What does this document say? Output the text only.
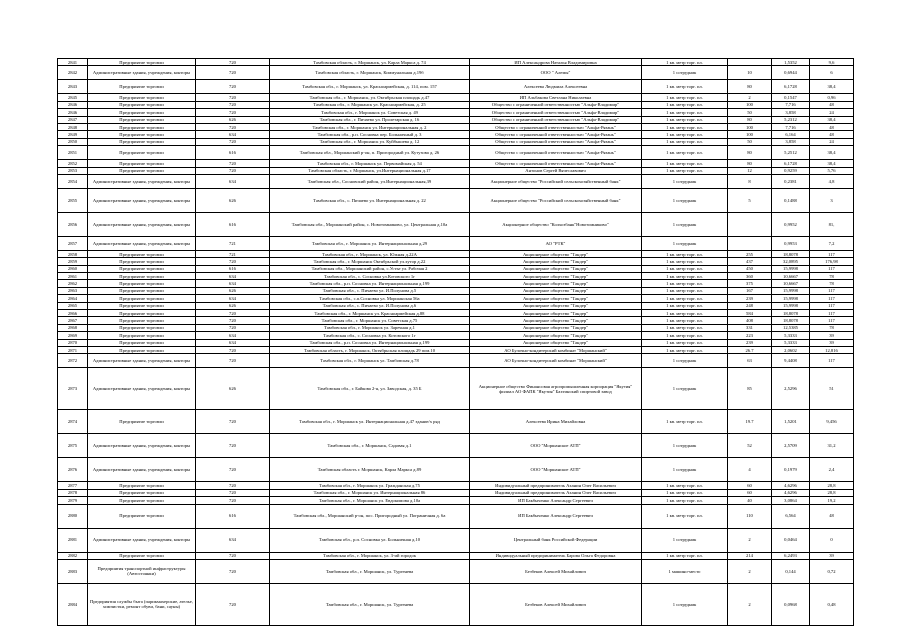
2841	Предприятие торговли	720	Тамбовская область, г. Моршанск, ул. Карла Маркса д. 74	ИП Александрова Наталья Владимировна	1 кв. метр торг. пл.		1,5352	9,6
2842	Административные здания, учреждения, конторы	720	Тамбовская область, г. Моршанск, Коммунальная д.19б	ООО " Алемы"	1 сотрудник	10	0,6944	6
2843	Предприятие торговли	720	Тамбовская обл., г. Моршанск, ул. Красноармейская, д. 114, пом. 157	Алексеева Людмила Алексеевна	1 кв. метр торг. пл.	80	6,1728	38,4
2845	Предприятие торговли	720	Тамбовская обл., г. Моршанск, ул. Октябрьская площадь д.47	ИП Альбакова Светлана Николаевна	1 кв. метр торг. пл.	2	0,1547	0,96
2846	Предприятие торговли	720	Тамбовская обл., г. Моршанск ул. Красноармейская, д. 25	Общество с ограниченной ответственностью "Альфа-Владимир"	1 кв. метр торг. пл.	100	7,716	48
2846	Предприятие торговли	720	Тамбовская обл., г. Моршанск ул. Советская д. 49	Общество с ограниченной ответственностью "Альфа-Владимир"	1 кв. метр торг. пл.	50	3,858	24
2847	Предприятие торговли	626	Тамбовская обл., г. Пичаево ул. Пролетарская д. 16	Общество с ограниченной ответственностью "Альфа-Владимир"	1 кв. метр торг. пл.	80	5,2312	38,4
2848	Предприятие торговли	720	Тамбовская обл., г. Моршанск ул. Интернациональная д. 2	Общество с ограниченной ответственностью "Альфа-Рязань"	1 кв. метр торг. пл.	100	7,716	48
2849	Предприятие торговли	634	Тамбовская обл., р.п. Сосновка пер. Больничный д. 3	Общество с ограниченной ответственностью "Альфа-Рязань"	1 кв. метр торг. пл.	100	6,164	48
2850	Предприятие торговли	720	Тамбовская обл., г. Моршанск ул. Куйбышева д. 12	Общество с ограниченной ответственностью "Альфа-Рязань"	1 кв. метр торг. пл.	50	3,858	24
2851	Предприятие торговли	616	Тамбовская обл., Моршанский р-он, п. Пригородный ул. Кутузова д. 26	Общество с ограниченной ответственностью "Альфа-Рязань"	1 кв. метр торг. пл.	80	5,2512	38,4
2852	Предприятие торговли	720	Тамбовская обл., г. Моршанск ул. Первомайская д. 54	Общество с ограниченной ответственностью "Альфа-Рязань"	1 кв. метр торг. пл.	80	6,1728	38,4
2853	Предприятие торговли	720	Тамбовская область, г. Моршанск, ул.Интернациональная д.17	Антонов Сергей Вячеславович	1 кв. метр торг. пл.	12	0,9259	5,76
2854	Административные здания, учреждения, конторы	634	Тамбовская обл., Сосновский район, ул.Интернациональная,39	Акционерное общество "Российский сельскохозяйственный банк"	1 сотрудник	8	0,2381	4,8
2855	Административные здания, учреждения, конторы	626	Тамбовская обл., с. Пичаево ул. Интернациональная д. 22	Акционерное общество "Российский сельскохозяйственный банк"	1 сотрудник	5	0,1488	3
2856	Административные здания, учреждения, конторы	616	Тамбовская обл., Моршанский район, с. Новотомниково, ул. Центральная д.10а	Акционерное общество "Колхозбанк"Новотомниково"	1 сотрудник		0,9952	81,
2857	Административные здания, учреждения, конторы	721	Тамбовская обл., г. Моршанск ул. Интернациональная д.29	АО "РТК"	1 сотрудник		0,9953	7,2
2858	Предприятие торговли	721	Тамбовская обл., г. Моршанск, ул. Южная д.22А	Акционерное общество "Тандер"	1 кв. метр торг. пл.	255	18,8078	117
2859	Предприятие торговли	720	Тамбовская обл., г. Моршанск Октябрьской ул.хутор д.22	Акционерное общество "Тандер"	1 кв. метр торг. пл.	437	32,0895	176,98
2860	Предприятие торговли	616	Тамбовская обл., Моршанский район, с.Устье ул. Рабочая 2	Акционерное общество "Тандер"	1 кв. метр торг. пл.	450	15,9998	117
2861	Предприятие торговли	634	Тамбовская обл., с. Сосновка ул.Котовского 1г	Акционерное общество "Тандер"	1 кв. метр торг. пл.	360	10,6667	78
2862	Предприятие торговли	634	Тамбовская обл., р.п. Сосновка ул. Интернациональная д.199	Акционерное общество "Тандер"	1 кв. метр торг. пл.	375	10,6667	78
2863	Предприятие торговли	626	Тамбовская обл., с. Пичаево ул. И.Полунова д.5	Акционерное общество "Тандер"	1 кв. метр торг. пл.	167	15,9998	117
2864	Предприятие торговли	634	Тамбовская обл., с.п.Сосновка ул. Моршанская 56а	Акционерное общество "Тандер"	1 кв. метр торг. пл.	239	15,9998	117
2865	Предприятие торговли	626	Тамбовская обл., с. Пичаево ул. И.Полунова д.6	Акционерное общество "Тандер"	1 кв. метр торг. пл.	248	15,9998	117
2866	Предприятие торговли	720	Тамбовская обл., г. Моршанск ул. Красноармейская д.88	Акционерное общество "Тандер"	1 кв. метр торг. пл.	584	18,8078	117
2867	Предприятие торговли	720	Тамбовская обл., г. Моршанск ул. Советская д.75	Акционерное общество "Тандер"	1 кв. метр торг. пл.	408	18,8078	117
2868	Предприятие торговли	720	Тамбовская обл., г. Моршанск ул. Заречная д.1	Акционерное общество "Тандер"	1 кв. метр торг. пл.	331	12,5385	78
2869	Предприятие торговли	634	Тамбовская обл., с. Сосновка ул. Котовского 1г	Акционерное общество "Тандер"	1 кв. метр торг. пл.	223	5,3333	39
2870	Предприятие торговли	634	Тамбовская обл., р.п. Сосновка ул. Интернациональная д.199	Акционерное общество "Тандер"	1 кв. метр торг. пл.	239	5,3333	39
2871	Предприятие торговли	720	Тамбовская область, г. Моршанск, Октябрьская площадь 29 пом.10	АО Булочно-кондитерский комбинат "Моршанский"	1 кв. метр торг. пл.	26.7	2,0602	12,816
2872	Административные здания, учреждения, конторы	720	Тамбовская обл., г. Моршанск ул. Тамбовская д.78	АО Булочно-кондитерский комбинат "Моршанский"	1 сотрудник	63	9,4408	117
2873	Административные здания, учреждения, конторы	626	Тамбовская обл., г. Байкова 2-я, ул. Заводская, д. 35 Б	Акционерное общество Финансовая агропромышленная корпорация "Якутия" филиал АО ФАПК "Якутия" Бахтинский спиртовой завод	1 сотрудник	85	2,5296	51
2874	Предприятие торговли	720	Тамбовская обл., г. Моршанск ул. Интернациональная д.47 здание/х ряд	Алексеева Ирина Михайловна	1 кв. метр торг. пл.	19.7	1,5201	9,456
2875	Административные здания, учреждения, конторы	720	Тамбовская обл., г. Моршанск, Садовая д.1	ООО "Моршанское АТП"	1 сотрудник	52	2,5709	31,2
2876	Административные здания, учреждения, конторы	720	Тамбовская область г. Моршанск, Карла Маркса д.89	ООО "Моршанское АТП"	1 сотрудник	4	0,1979	2,4
2877	Предприятие торговли	720	Тамбовская обл., г. Моршанск ул. Гражданская д.75	Индивидуальный предприниматель Аханин Олег Васильевич	1 кв. метр торг. пл.	60	4,6296	28,8
2878	Предприятие торговли	720	Тамбовская обл., г. Моршанск ул. Интернациональная 86	Индивидуальный предприниматель Аханин Олег Васильевич	1 кв. метр торг. пл.	60	4,6296	28,8
2879	Предприятие торговли	720	Тамбовская обл., г. Моршанск ул. Евдокимова д.10а	ИП Бакбыченко Александр Сергеевич	1 кв. метр торг. пл.	40	3,0864	19,2
2880	Предприятие торговли	616	Тамбовская обл., Моршанский р-он, пос. Пригородный ул. Пограничная д. 6а	ИП Бакбыченко Александр Сергеевич	1 кв. метр торг. пл.	110	6,564	48
2881	Административные здания, учреждения, конторы	634	Тамбовская обл., р.п. Сосновка ул. Больничная д.10	Центральный банк Российской Федерации	1 сотрудник	2	0,0464	0
2882	Предприятие торговли	720	Тамбовская обл., г. Моршанск, ул. 3-ий городок	Индивидуальный предприниматель Барова Ольга Федоровна	1 кв. метр торг. пл.	214	6,2493	39
2883	Предприятия транспортной инфраструктуры (Автостоянки)	720	Тамбовская обл., г. Моршанск, ул. Тургенева	Безбеков Алексей Михайлович	1 машино-место	2	0,144	0,72
2884	Предприятия службы быта (парикмахерские, ателье, химчистки, ремонт обуви, бани, сауны)	720	Тамбовская обл., г. Моршанск, ул. Тургенева	Безбеков Алексей Михайлович	1 сотрудник	2	0,0968	0,48
